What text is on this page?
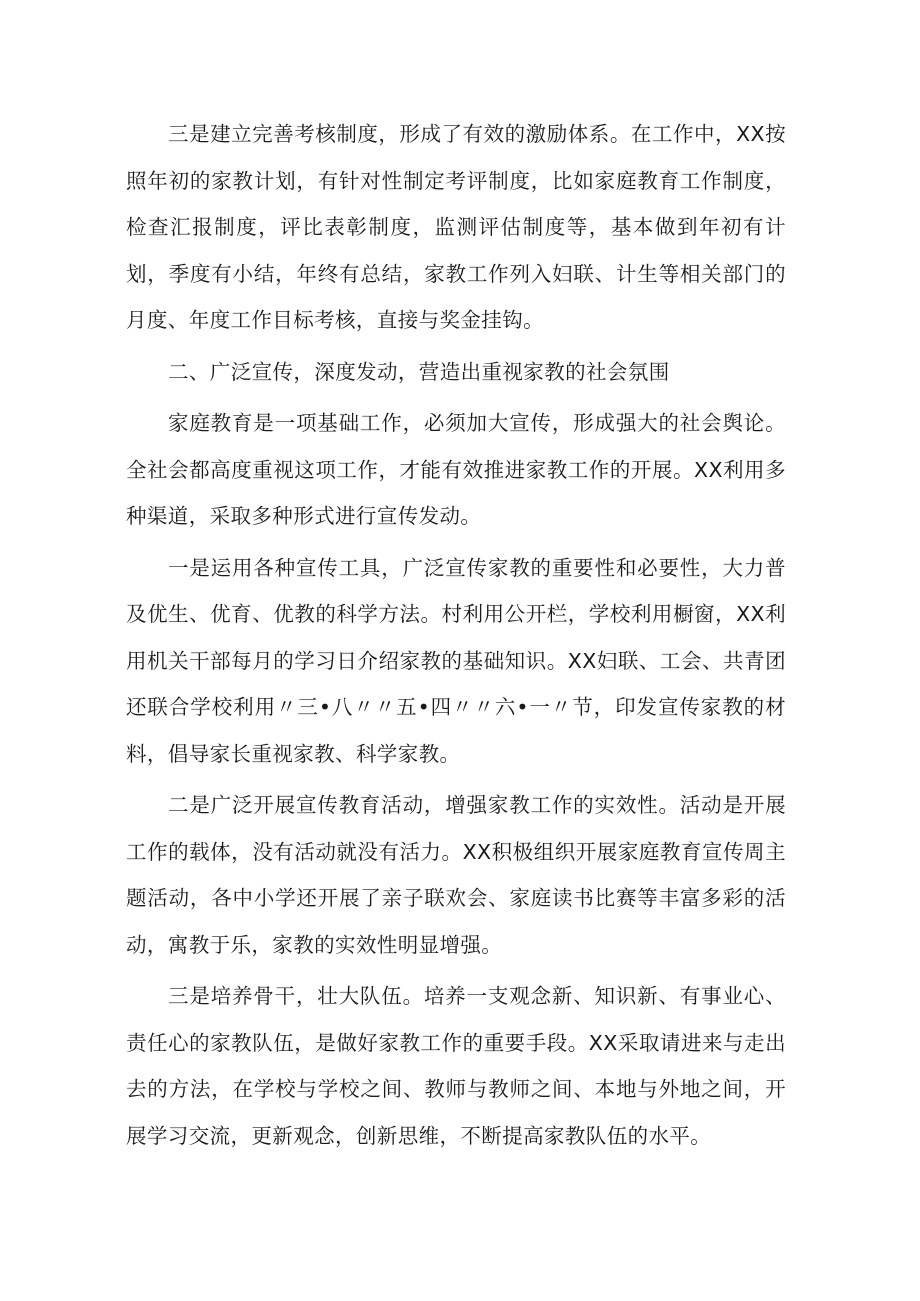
三是建立完善考核制度，形成了有效的激励体系。在工作中，XX按照年初的家教计划，有针对性制定考评制度，比如家庭教育工作制度，检查汇报制度，评比表彰制度，监测评估制度等，基本做到年初有计划，季度有小结，年终有总结，家教工作列入妇联、计生等相关部门的月度、年度工作目标考核，直接与奖金挂钩。

二、广泛宣传，深度发动，营造出重视家教的社会氛围

家庭教育是一项基础工作，必须加大宣传，形成强大的社会舆论。全社会都高度重视这项工作，才能有效推进家教工作的开展。XX利用多种渠道，采取多种形式进行宣传发动。

一是运用各种宣传工具，广泛宣传家教的重要性和必要性，大力普及优生、优育、优教的科学方法。村利用公开栏，学校利用橱窗，XX利用机关干部每月的学习日介绍家教的基础知识。XX妇联、工会、共青团还联合学校利用〃三•八〃〃五•四〃〃六•一〃节，印发宣传家教的材料，倡导家长重视家教、科学家教。

二是广泛开展宣传教育活动，增强家教工作的实效性。活动是开展工作的载体，没有活动就没有活力。XX积极组织开展家庭教育宣传周主题活动，各中小学还开展了亲子联欢会、家庭读书比赛等丰富多彩的活动，寓教于乐，家教的实效性明显增强。

三是培养骨干，壮大队伍。培养一支观念新、知识新、有事业心、责任心的家教队伍，是做好家教工作的重要手段。XX采取请进来与走出去的方法，在学校与学校之间、教师与教师之间、本地与外地之间，开展学习交流，更新观念，创新思维，不断提高家教队伍的水平。
